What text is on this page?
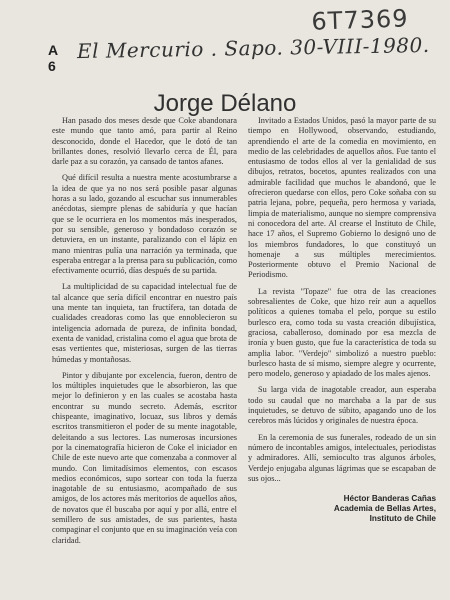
6T7369
A 6
El Mercurio . Sapo. 30-VIII-1980.
Jorge Délano

Han pasado dos meses desde que Coke abandonara este mundo que tanto amó, para partir al Reino desconocido, donde el Hacedor, que le dotó de tan brillantes dones, resolvió llevarlo cerca de Él, para darle paz a su corazón, ya cansado de tantos afanes.

Qué difícil resulta a nuestra mente acostumbrarse a la idea de que ya no nos será posible pasar algunas horas a su lado, gozando al escuchar sus innumerables anécdotas, siempre plenas de sabiduría y que hacían que se le ocurriera en los momentos más inesperados, por su sensible, generoso y bondadoso corazón se detuviera, en un instante, paralizando con el lápiz en mano mientras pulía una narración ya terminada, que esperaba entregar a la prensa para su publicación, como efectivamente ocurrió, días después de su partida.

La multiplicidad de su capacidad intelectual fue de tal alcance que sería difícil encontrar en nuestro país una mente tan inquieta, tan fructífera, tan dotada de cualidades creadoras como las que ennoblecieron su inteligencia adornada de pureza, de infinita bondad, exenta de vanidad, cristalina como el agua que brota de esas vertientes que, misteriosas, surgen de las tierras húmedas y montañosas.

Pintor y dibujante por excelencia, fueron, dentro de los múltiples inquietudes que le absorbieron, las que mejor lo definieron y en las cuales se acostaba hasta encontrar su mundo secreto. Además, escritor chispeante, imaginativo, locuaz, sus libros y demás escritos transmitieron el poder de su mente inagotable, deleitando a sus lectores. Las numerosas incursiones por la cinematografía hicieron de Coke el iniciador en Chile de este nuevo arte que comenzaba a conmover al mundo. Con limitadísimos elementos, con escasos medios económicos, supo sortear con toda la fuerza inagotable de su entusiasmo, acompañado de sus amigos, de los actores más meritorios de aquellos años, de novatos que él buscaba por aquí y por allá, entre el semillero de sus amistades, de sus parientes, hasta compaginar el conjunto que en su imaginación veía con claridad.

Invitado a Estados Unidos, pasó la mayor parte de su tiempo en Hollywood, observando, estudiando, aprendiendo el arte de la comedia en movimiento, en medio de las celebridades de aquellos años. Fue tanto el entusiasmo de todos ellos al ver la genialidad de sus dibujos, retratos, bocetos, apuntes realizados con una admirable facilidad que muchos le abandonó, que le ofrecieron quedarse con ellos, pero Coke soñaba con su patria lejana, pobre, pequeña, pero hermosa y variada, limpia de materialismo, aunque no siempre comprensiva ni conocedora del arte. Al crearse el Instituto de Chile, hace 17 años, el Supremo Gobierno lo designó uno de los miembros fundadores, lo que constituyó un homenaje a sus múltiples merecimientos. Posteriormente obtuvo el Premio Nacional de Periodismo.

La revista "Topaze" fue otra de las creaciones sobresalientes de Coke, que hizo reír aun a aquellos políticos a quienes tomaba el pelo, porque su estilo burlesco era, como toda su vasta creación dibujística, graciosa, caballeroso, dominado por esa mezcla de ironía y buen gusto, que fue la característica de toda su amplia labor. "Verdejo" simbolizó a nuestro pueblo: burlesco hasta de sí mismo, siempre alegre y ocurrente, pero modelo, generoso y apiadado de los males ajenos.

Su larga vida de inagotable creador, aun esperaba todo su caudal que no marchaba a la par de sus inquietudes, se detuvo de súbito, apagando uno de los cerebros más lúcidos y originales de nuestra época.

En la ceremonia de sus funerales, rodeado de un sin número de incontables amigos, intelectuales, periodistas y admiradores. Allí, semioculto tras algunos árboles, Verdejo enjugaba algunas lágrimas que se escapaban de sus ojos...

Héctor Banderas Cañas
Academia de Bellas Artes,
Instituto de Chile
